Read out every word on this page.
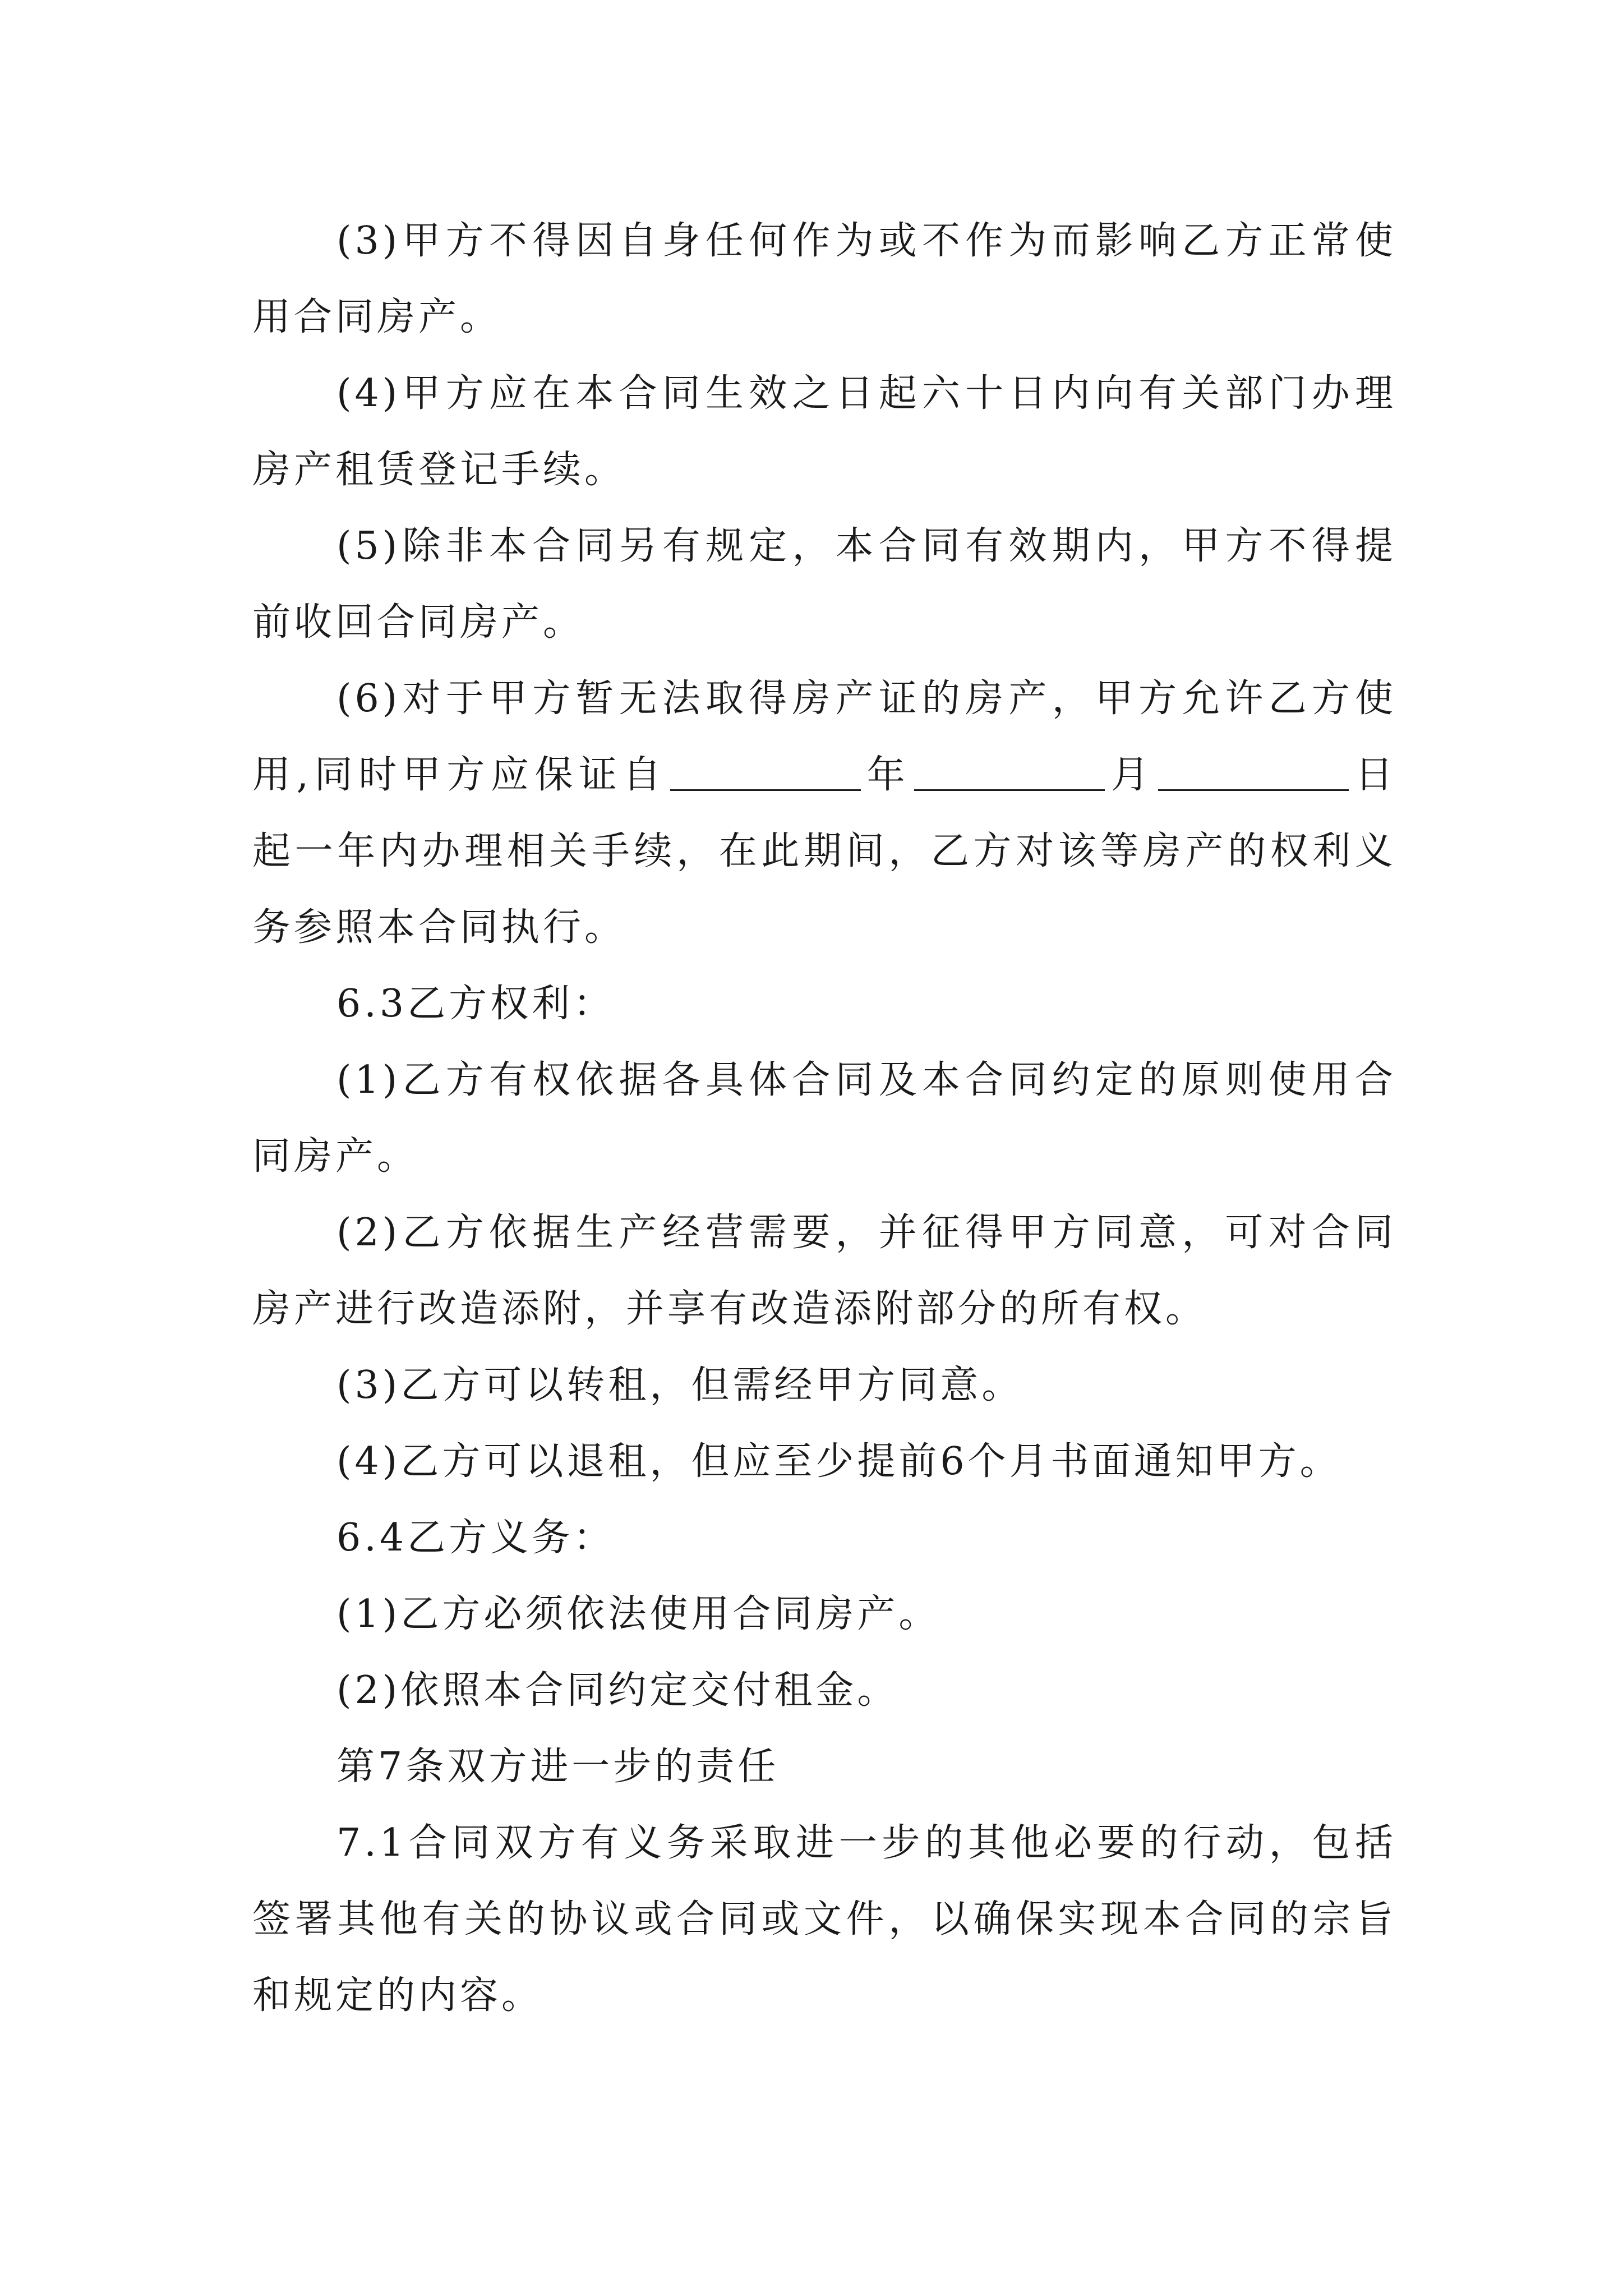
(3)甲方不得因自身任何作为或不作为而影响乙方正常使用合同房产。

(4)甲方应在本合同生效之日起六十日内向有关部门办理房产租赁登记手续。

(5)除非本合同另有规定，本合同有效期内，甲方不得提前收回合同房产。

(6)对于甲方暂无法取得房产证的房产，甲方允许乙方使用,同时甲方应保证自	年	月	日起一年内办理相关手续，在此期间，乙方对该等房产的权利义务参照本合同执行。

6.3乙方权利：

(1)乙方有权依据各具体合同及本合同约定的原则使用合同房产。

(2)乙方依据生产经营需要，并征得甲方同意，可对合同房产进行改造添附，并享有改造添附部分的所有权。

(3)乙方可以转租，但需经甲方同意。

(4)乙方可以退租，但应至少提前6个月书面通知甲方。

6.4乙方义务：

(1)乙方必须依法使用合同房产。

(2)依照本合同约定交付租金。

第7条双方进一步的责任

7.1合同双方有义务采取进一步的其他必要的行动，包括签署其他有关的协议或合同或文件，以确保实现本合同的宗旨和规定的内容。
